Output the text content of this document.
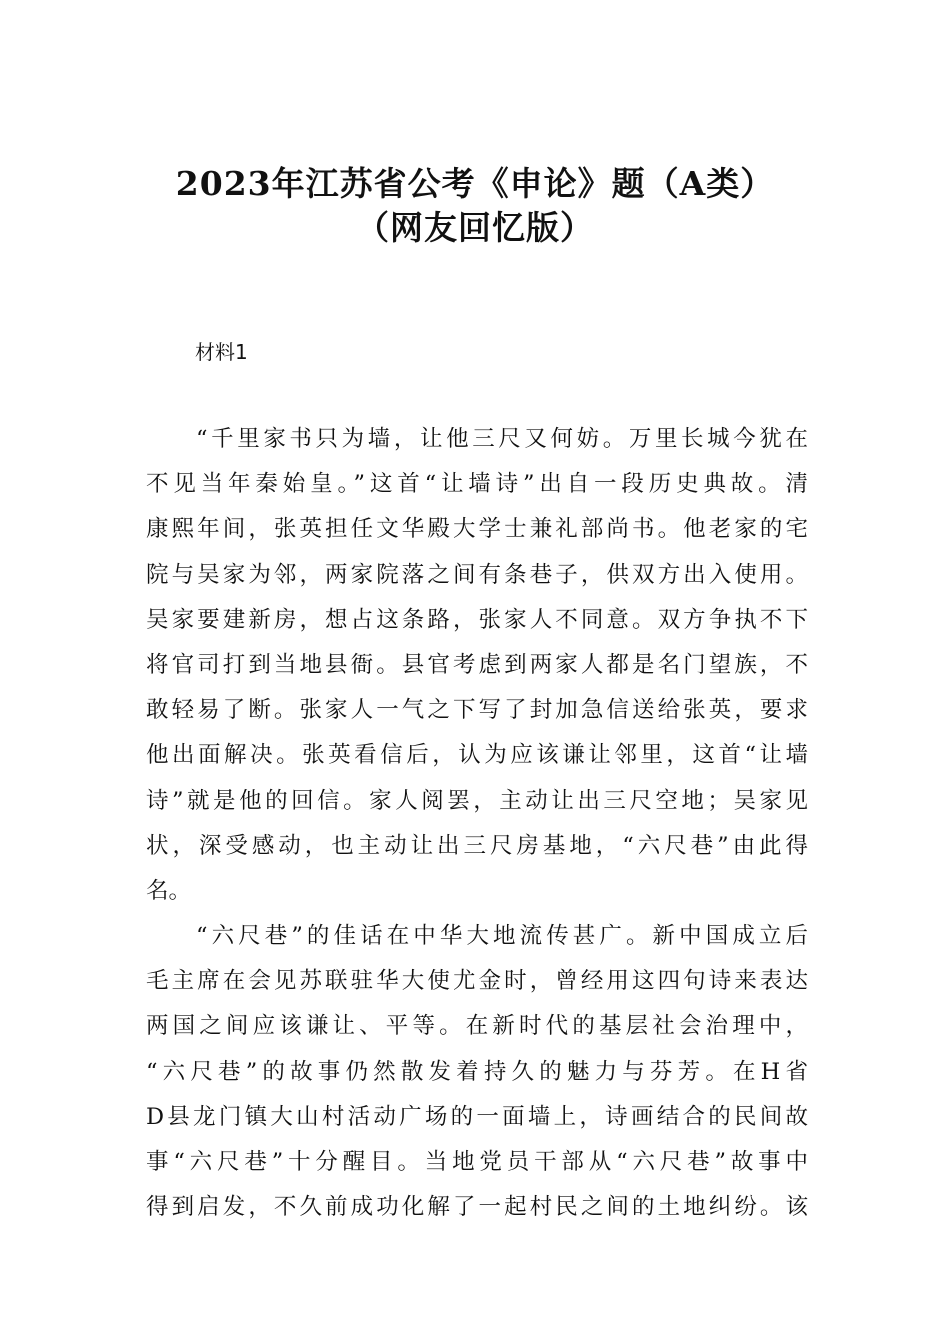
2023年江苏省公考《申论》题（A类）
（网友回忆版）
材料1
“千里家书只为墙，让他三尺又何妨。万里长城今犹在
不见当年秦始皇。”这首“让墙诗”出自一段历史典故。清
康熙年间，张英担任文华殿大学士兼礼部尚书。他老家的宅
院与吴家为邻，两家院落之间有条巷子，供双方出入使用。
吴家要建新房，想占这条路，张家人不同意。双方争执不下
将官司打到当地县衙。县官考虑到两家人都是名门望族，不
敢轻易了断。张家人一气之下写了封加急信送给张英，要求
他出面解决。张英看信后，认为应该谦让邻里，这首“让墙
诗”就是他的回信。家人阅罢，主动让出三尺空地；吴家见
状，深受感动，也主动让出三尺房基地，“六尺巷”由此得
名。
“六尺巷”的佳话在中华大地流传甚广。新中国成立后
毛主席在会见苏联驻华大使尤金时，曾经用这四句诗来表达
两国之间应该谦让、平等。在新时代的基层社会治理中，
“六尺巷”的故事仍然散发着持久的魅力与芬芳。在H省
D县龙门镇大山村活动广场的一面墙上，诗画结合的民间故
事“六尺巷”十分醒目。当地党员干部从“六尺巷”故事中
得到启发，不久前成功化解了一起村民之间的土地纠纷。该
